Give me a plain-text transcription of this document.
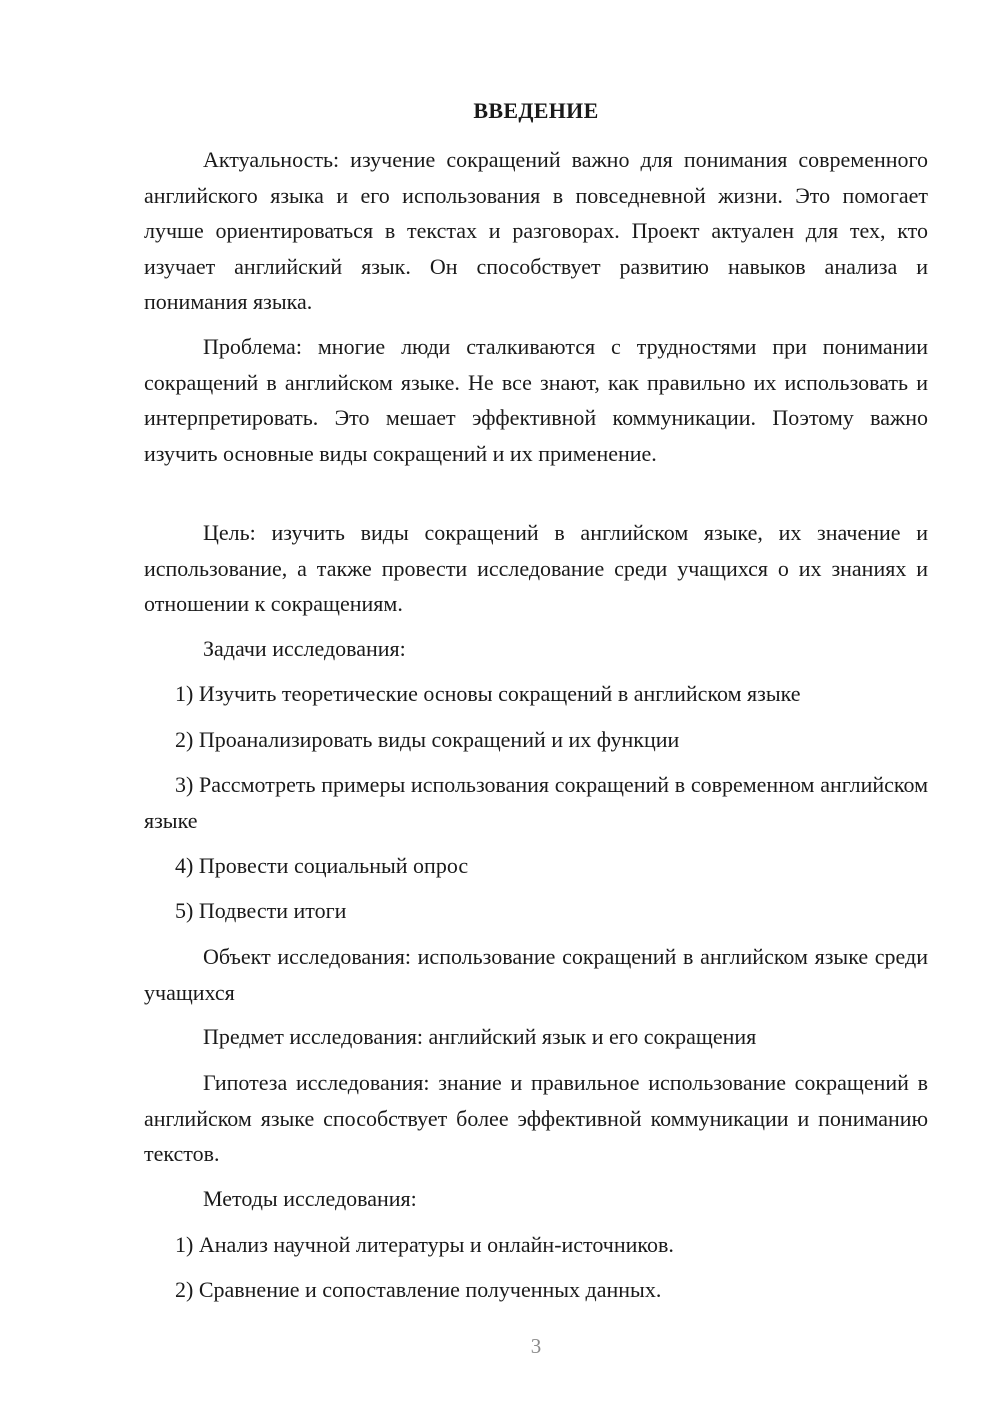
ВВЕДЕНИЕ

Актуальность: изучение сокращений важно для понимания современного английского языка и его использования в повседневной жизни. Это помогает лучше ориентироваться в текстах и разговорах. Проект актуален для тех, кто изучает английский язык. Он способствует развитию навыков анализа и понимания языка.

Проблема: многие люди сталкиваются с трудностями при понимании сокращений в английском языке. Не все знают, как правильно их использовать и интерпретировать. Это мешает эффективной коммуникации. Поэтому важно изучить основные виды сокращений и их применение.

Цель: изучить виды сокращений в английском языке, их значение и использование, а также провести исследование среди учащихся о их знаниях и отношении к сокращениям.

Задачи исследования:

1) Изучить теоретические основы сокращений в английском языке

2) Проанализировать виды сокращений и их функции

3) Рассмотреть примеры использования сокращений в современном английском языке

4) Провести социальный опрос

5) Подвести итоги

Объект исследования: использование сокращений в английском языке среди учащихся

Предмет исследования: английский язык и его сокращения

Гипотеза исследования: знание и правильное использование сокращений в английском языке способствует более эффективной коммуникации и пониманию текстов.

Методы исследования:

1) Анализ научной литературы и онлайн-источников.

2) Сравнение и сопоставление полученных данных.

3
